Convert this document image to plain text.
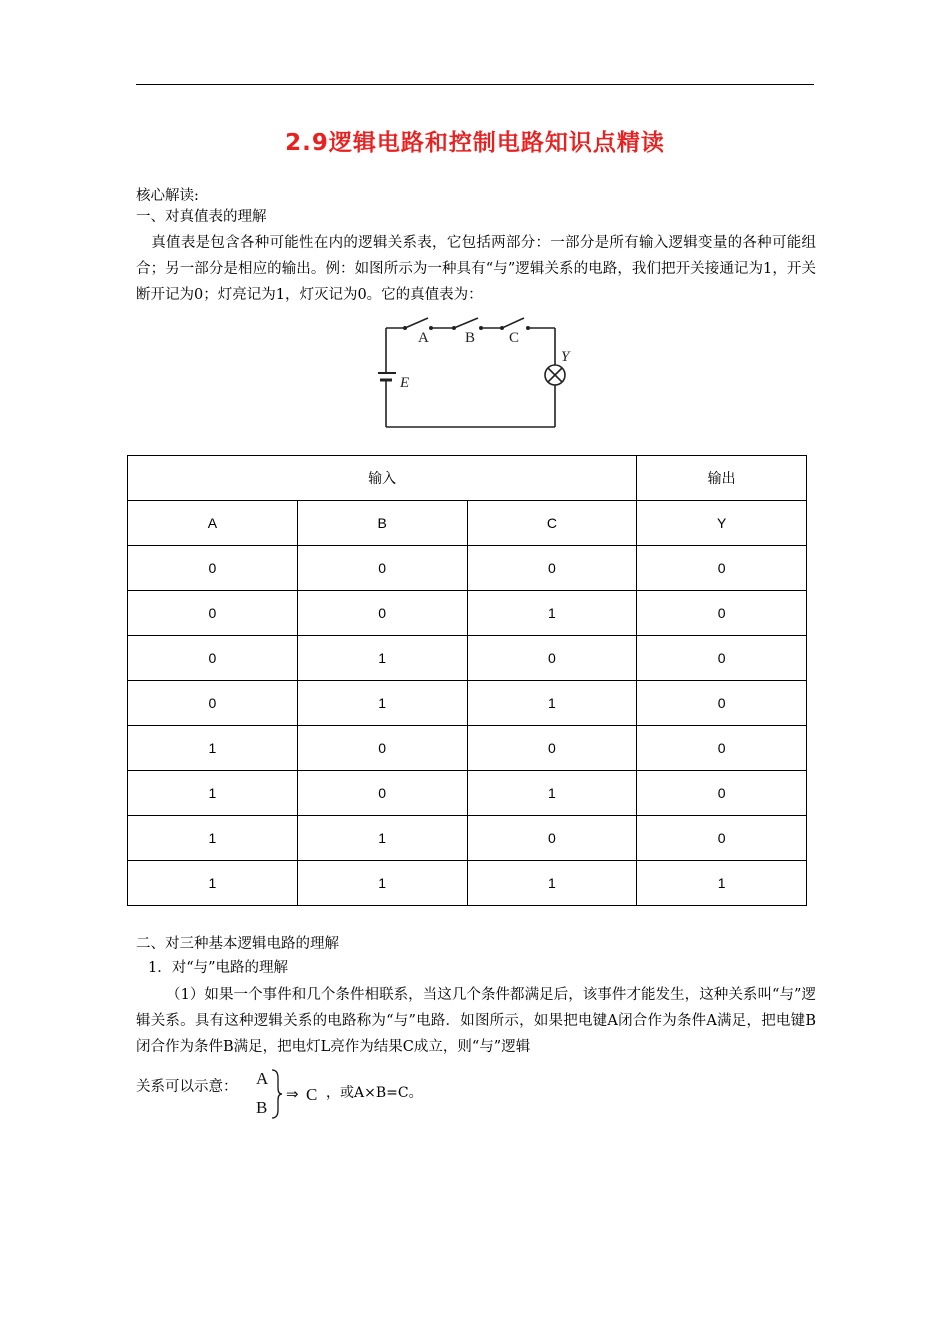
2.9逻辑电路和控制电路知识点精读
核心解读:
一、对真值表的理解
真值表是包含各种可能性在内的逻辑关系表，它包括两部分：一部分是所有输入逻辑变量的各种可能组合；另一部分是相应的输出。例：如图所示为一种具有“与”逻辑关系的电路，我们把开关接通记为1，开关断开记为0；灯亮记为1，灯灭记为0。它的真值表为：
A B C
E
Y
输入			输出
A	B	C	Y
0	0	0	0
0	0	1	0
0	1	0	0
0	1	1	0
1	0	0	0
1	0	1	0
1	1	0	0
1	1	1	1
二、对三种基本逻辑电路的理解
1．对“与”电路的理解
（1）如果一个事件和几个条件相联系，当这几个条件都满足后，该事件才能发生，这种关系叫“与”逻辑关系。具有这种逻辑关系的电路称为“与”电路．如图所示，如果把电键A闭合作为条件A满足，把电键B闭合作为条件B满足，把电灯L亮作为结果C成立，则“与”逻辑
关系可以示意： A
B
⇒ C ，或A×B=C。
